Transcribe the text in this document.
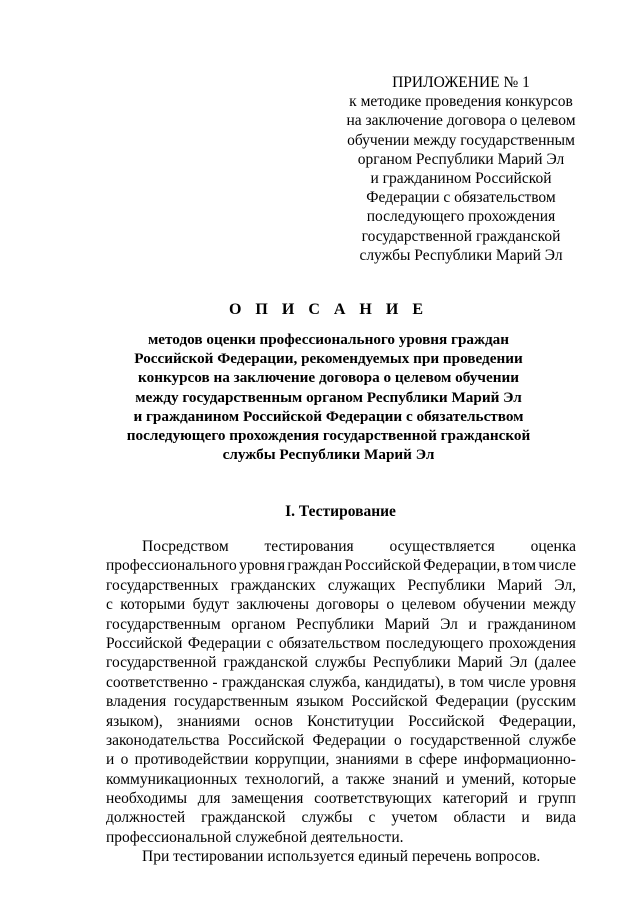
ПРИЛОЖЕНИЕ № 1
к методике проведения конкурсов
на заключение договора о целевом
обучении между государственным
органом Республики Марий Эл
и гражданином Российской
Федерации с обязательством
последующего прохождения
государственной гражданской
службы Республики Марий Эл
О П И С А Н И Е
методов оценки профессионального уровня граждан
Российской Федерации, рекомендуемых при проведении
конкурсов на заключение договора о целевом обучении
между государственным органом Республики Марий Эл
и гражданином Российской Федерации с обязательством
последующего прохождения государственной гражданской
службы Республики Марий Эл
I. Тестирование
Посредством тестирования осуществляется оценка
профессионального уровня граждан Российской Федерации, в том числе
государственных гражданских служащих Республики Марий Эл,
с которыми будут заключены договоры о целевом обучении между
государственным органом Республики Марий Эл и гражданином
Российской Федерации с обязательством последующего прохождения
государственной гражданской службы Республики Марий Эл (далее
соответственно - гражданская служба, кандидаты), в том числе уровня
владения государственным языком Российской Федерации (русским
языком), знаниями основ Конституции Российской Федерации,
законодательства Российской Федерации о государственной службе
и о противодействии коррупции, знаниями в сфере информационно-
коммуникационных технологий, а также знаний и умений, которые
необходимы для замещения соответствующих категорий и групп
должностей гражданской службы с учетом области и вида
профессиональной служебной деятельности.
При тестировании используется единый перечень вопросов.
